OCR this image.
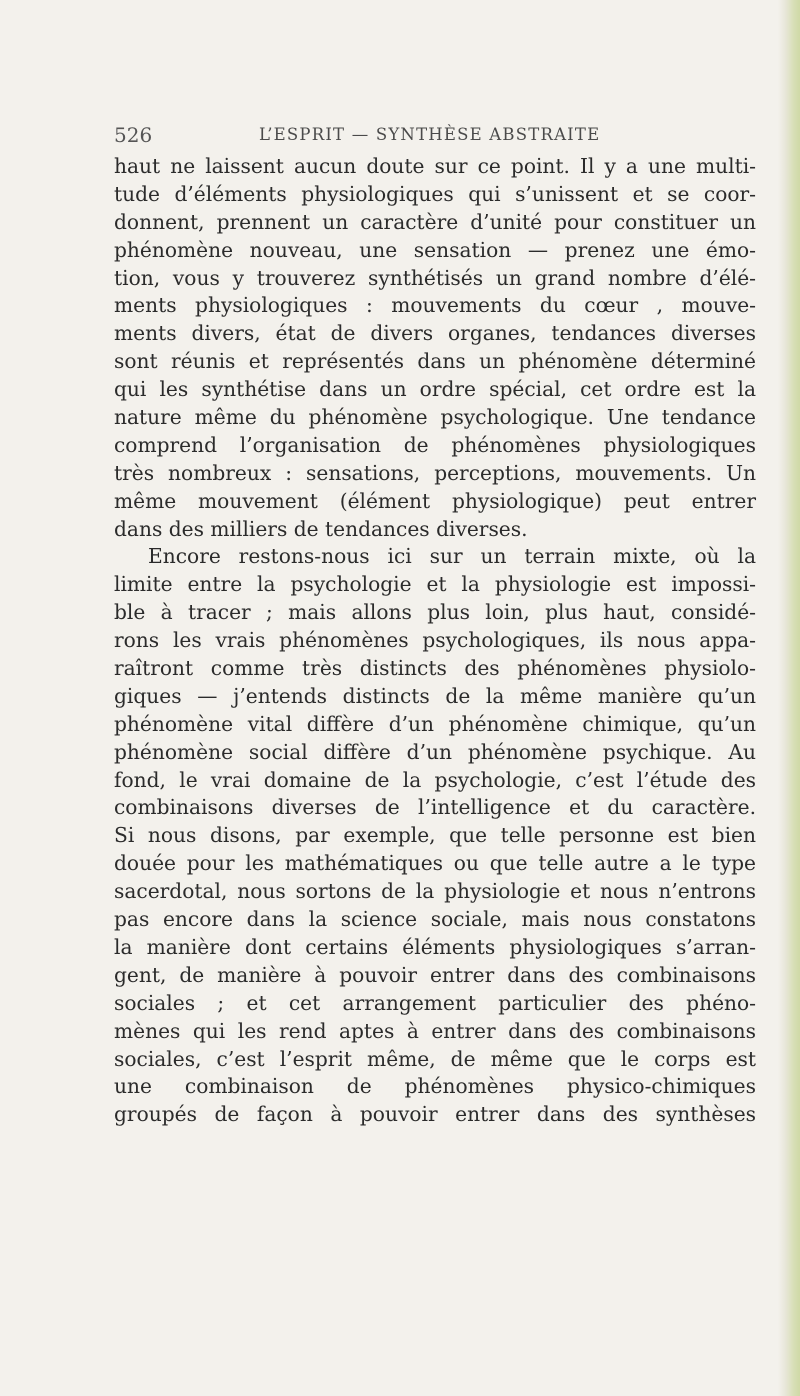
526	L’ESPRIT — SYNTHÈSE ABSTRAITE
haut ne laissent aucun doute sur ce point. Il y a une multi-
tude d’éléments physiologiques qui s’unissent et se coor-
donnent, prennent un caractère d’unité pour constituer un
phénomène nouveau, une sensation — prenez une émo-
tion, vous y trouverez synthétisés un grand nombre d’élé-
ments physiologiques : mouvements du cœur , mouve-
ments divers, état de divers organes, tendances diverses
sont réunis et représentés dans un phénomène déterminé
qui les synthétise dans un ordre spécial, cet ordre est la
nature même du phénomène psychologique. Une tendance
comprend l’organisation de phénomènes physiologiques
très nombreux : sensations, perceptions, mouvements. Un
même mouvement (élément physiologique) peut entrer
dans des milliers de tendances diverses.
Encore restons-nous ici sur un terrain mixte, où la
limite entre la psychologie et la physiologie est impossi-
ble à tracer ; mais allons plus loin, plus haut, considé-
rons les vrais phénomènes psychologiques, ils nous appa-
raîtront comme très distincts des phénomènes physiolo-
giques — j’entends distincts de la même manière qu’un
phénomène vital diffère d’un phénomène chimique, qu’un
phénomène social diffère d’un phénomène psychique. Au
fond, le vrai domaine de la psychologie, c’est l’étude des
combinaisons diverses de l’intelligence et du caractère.
Si nous disons, par exemple, que telle personne est bien
douée pour les mathématiques ou que telle autre a le type
sacerdotal, nous sortons de la physiologie et nous n’entrons
pas encore dans la science sociale, mais nous constatons
la manière dont certains éléments physiologiques s’arran-
gent, de manière à pouvoir entrer dans des combinaisons
sociales ; et cet arrangement particulier des phéno-
mènes qui les rend aptes à entrer dans des combinaisons
sociales, c’est l’esprit même, de même que le corps est
une combinaison de phénomènes physico-chimiques
groupés de façon à pouvoir entrer dans des synthèses
